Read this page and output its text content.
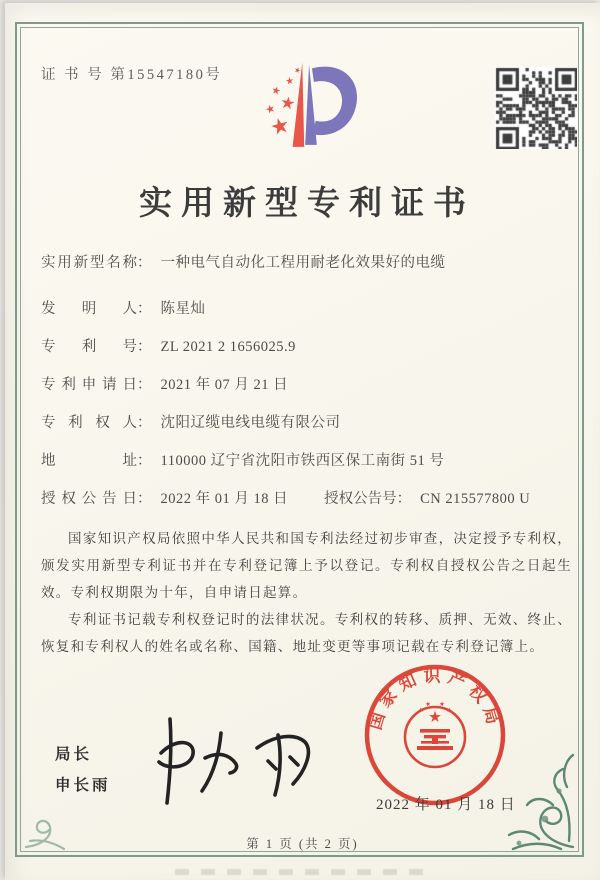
证 书 号 第15547180号
实用新型专利证书
实用新型名称 ： 一种电气自动化工程用耐老化效果好的电缆
发明人 ： 陈星灿
专利号 ： ZL 2021 2 1656025.9
专利申请日 ： 2021 年 07 月 21 日
专利权人 ： 沈阳辽缆电线电缆有限公司
地址 ： 110000 辽宁省沈阳市铁西区保工南街 51 号
授权公告日 ： 2022 年 01 月 18 日 授权公告号 ： CN 215577800 U

国家知识产权局依照中华人民共和国专利法经过初步审查，决定授予专利权，颁发实用新型专利证书并在专利登记簿上予以登记。专利权自授权公告之日起生效。专利权期限为十年，自申请日起算。

专利证书记载专利权登记时的法律状况。专利权的转移、质押、无效、终止、恢复和专利权人的姓名或名称、国籍、地址变更等事项记载在专利登记簿上。

局长
申长雨
国家知识产权局
2022 年 01 月 18 日
第 1 页 (共 2 页)
